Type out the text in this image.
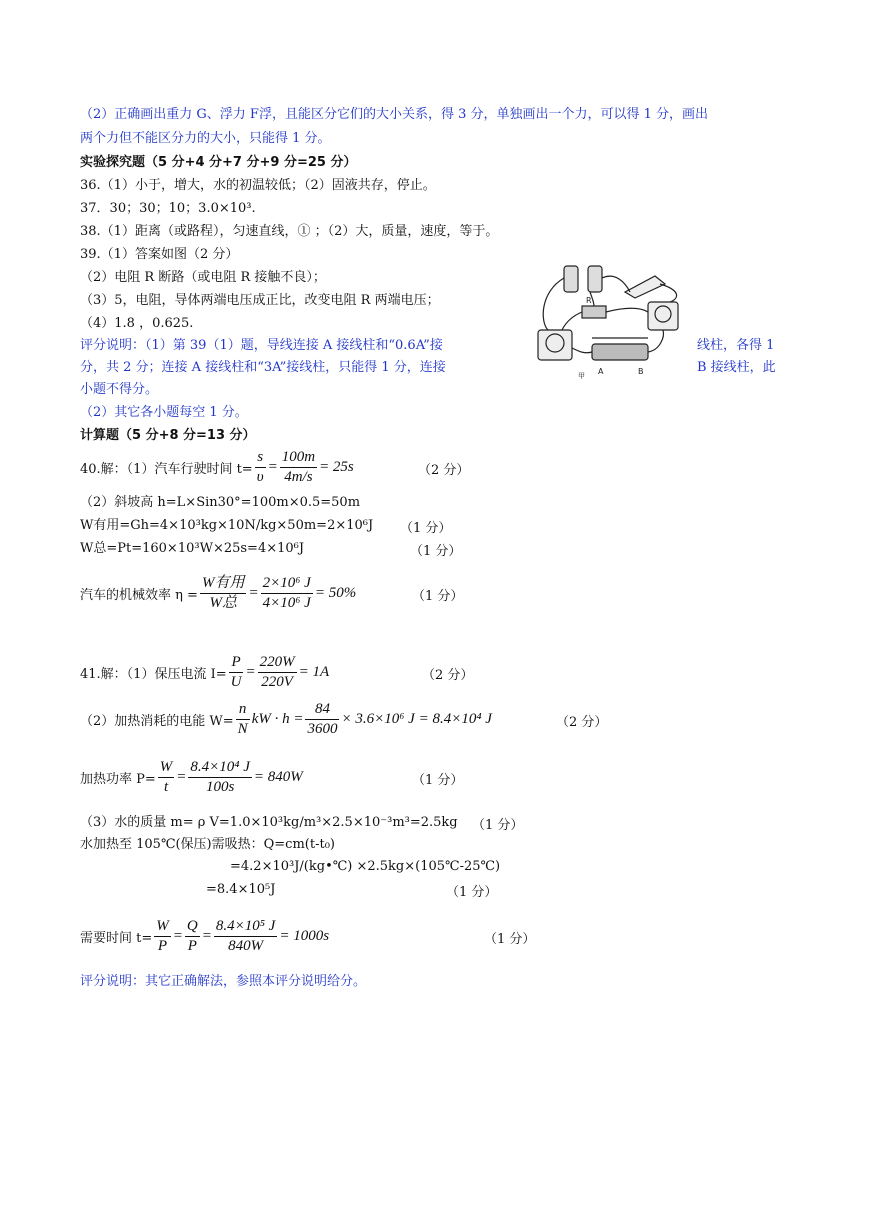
（2）正确画出重力 G、浮力 F浮，且能区分它们的大小关系，得 3 分，单独画出一个力，可以得 1 分，画出
两个力但不能区分力的大小，只能得 1 分。
实验探究题（5 分+4 分+7 分+9 分=25 分）
36.（1）小于，增大，水的初温较低；（2）固液共存，停止。
37．30；30；10；3.0×10³.
38.（1）距离（或路程），匀速直线，① ；（2）大，质量，速度，等于。
39.（1）答案如图（2 分）
（2）电阻 R 断路（或电阻 R 接触不良）；
（3）5，电阻，导体两端电压成正比，改变电阻 R 两端电压；
（4）1.8 ，0.625.
评分说明：（1）第 39（1）题，导线连接 A 接线柱和“0.6A”接	线柱，各得 1
分，共 2 分；连接 A 接线柱和“3A”接线柱，只能得 1 分，连接	B 接线柱，此
小题不得分。
（2）其它各小题每空 1 分。
R
A	B
甲
计算题（5 分+8 分=13 分）
40.解：（1）汽车行驶时间 $t= \frac{s}{\upsilon} = \frac{100m}{4m/s} = 25s$	（2 分）
（2）斜坡高 h=L×Sin30°=100m×0.5=50m
W有用=Gh=4×10³kg×10N/kg×50m=2×10⁶J （1 分）
W总=Pt=160×10³W×25s=4×10⁶J	（1 分）
汽车的机械效率 $\eta = \frac{\text{W有用}}{\text{W总}} = \frac{\text{2×10⁶ J}}{\text{4×10⁶ J}} = 50\%$	（1 分）
41.解：（1）保压电流 $I= \frac{P}{U} = \frac{220W}{220V} = 1A$	（2 分）
（2）加热消耗的电能 $W= \frac{n}{N}$ kW · $h = \frac{84}{3600} \times 3.6\times 10^6$ J = 8.4×10⁴ J	（2 分）
加热功率 $P= \frac{W}{t} = \frac{\text{8.4×10⁴ J}}{100s} = 840W$	（1 分）
（3）水的质量 m= ρ V=1.0×10³kg/m³×2.5×10⁻³m³=2.5kg （1 分）
水加热至 105℃(保压)需吸热：Q=cm(t-t₀)
=4.2×10³J/(kg•℃) ×2.5kg×(105℃-25℃)
=8.4×10⁵J	（1 分）
需要时间 $t= \frac{W}{P} = \frac{Q}{P} = \frac{\text{8.4×10⁵ J}}{840W} = 1000s$	（1 分）
评分说明：其它正确解法，参照本评分说明给分。
